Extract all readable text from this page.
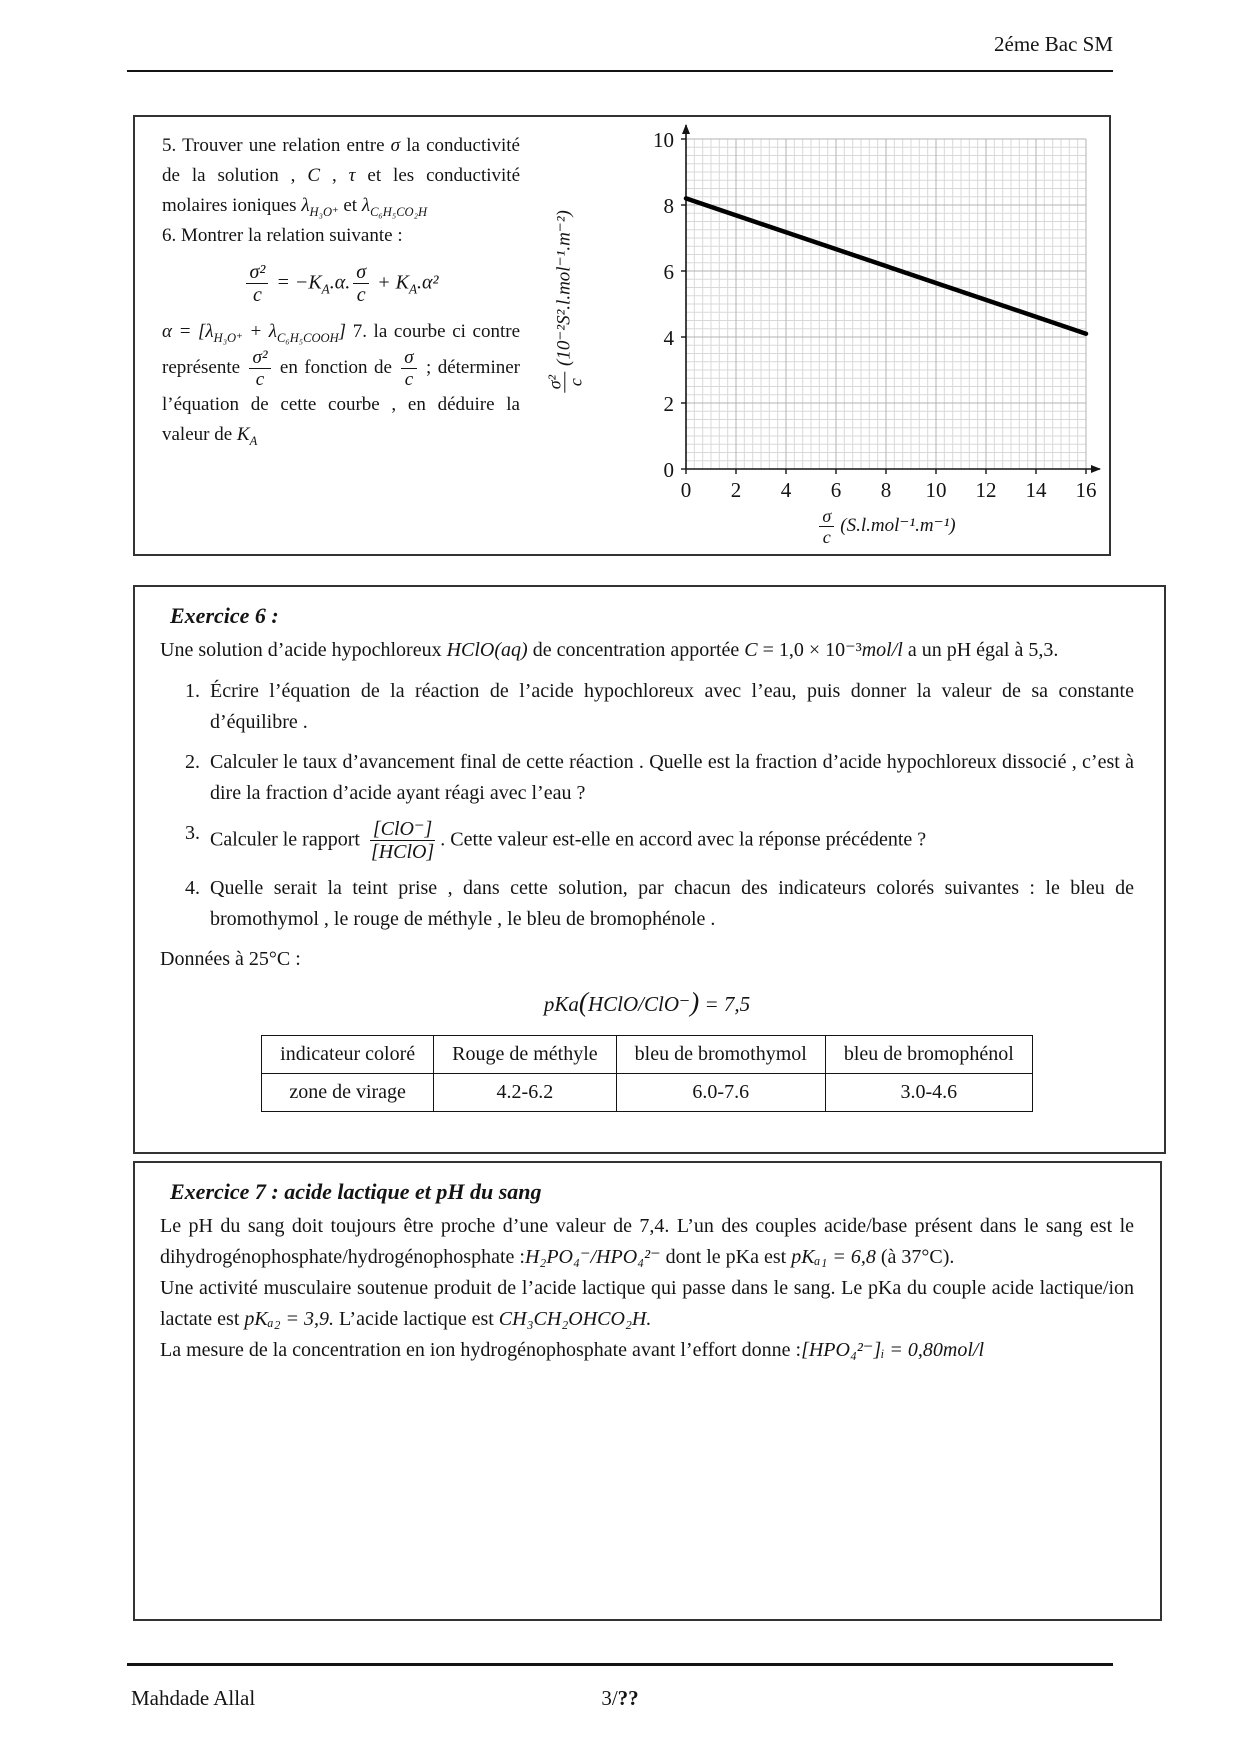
2éme Bac SM

5. Trouver une relation entre σ la conductivité de la solution , C , τ et les conductivité molaires ioniques $\lambda_{H_3O^+}$ et $\lambda_{C_6H_5CO_2H}$

6. Montrer la relation suivante :

$\frac{\text{σ²}}{c} = -K_A.\alpha$. $\frac{\sigma}{c} + K_A.\alpha^2$

$\alpha = [\lambda_{H_3O^+} + \lambda_{C_6H_5COOH}]$ 7. la courbe ci contre représente $\frac{\text{σ²}}{c}$ en fonction de $\frac{\sigma}{c}$ ; déterminer l’équation de cette courbe , en déduire la valeur de $K_A$

σ² c
(10⁻²S².l.mol⁻¹.m⁻²)
0 2 4 6 8 10 12 14 16
0
2
4
6
8
10
$\frac{\sigma}{c} (S.l.mol^{-1}.m^{-1})$
Exercice 6 :

Une solution d’acide hypochloreux HClO(aq) de concentration apportée C = 1,0 × 10⁻³mol/l a un pH égal à 5,3.

1. Écrire l’équation de la réaction de l’acide hypochloreux avec l’eau, puis donner la valeur de sa constante d’équilibre .
2. Calculer le taux d’avancement final de cette réaction . Quelle est la fraction d’acide hypochloreux dissocié , c’est à dire la fraction d’acide ayant réagi avec l’eau ?
3. Calculer le rapport $\frac{\text{[ClO⁻]}}{\text{[HClO]}}$ . Cette valeur est-elle en accord avec la réponse précédente ?
4. Quelle serait la teint prise , dans cette solution, par chacun des indicateurs colorés suivantes : le bleu de bromothymol , le rouge de méthyle , le bleu de bromophénole .

Données à 25°C :

pKa(HClO/ClO⁻) = 7,5
indicateur coloré	Rouge de méthyle	bleu de bromothymol	bleu de bromophénol
zone de virage	4.2-6.2	6.0-7.6	3.0-4.6
Exercice 7 : acide lactique et pH du sang

Le pH du sang doit toujours être proche d’une valeur de 7,4. L’un des couples acide/base présent dans le sang est le dihydrogénophosphate/hydrogénophosphate :H₂PO₄⁻/HPO₄²⁻ dont le pKa est pKₐ₁ = 6,8 (à 37°C).

Une activité musculaire soutenue produit de l’acide lactique qui passe dans le sang. Le pKa du couple acide lactique/ion lactate est pKₐ₂ = 3,9. L’acide lactique est CH₃CH₂OHCO₂H.

La mesure de la concentration en ion hydrogénophosphate avant l’effort donne :[HPO₄²⁻]ᵢ = 0,80mol/l

Mahdade Allal	3/??
